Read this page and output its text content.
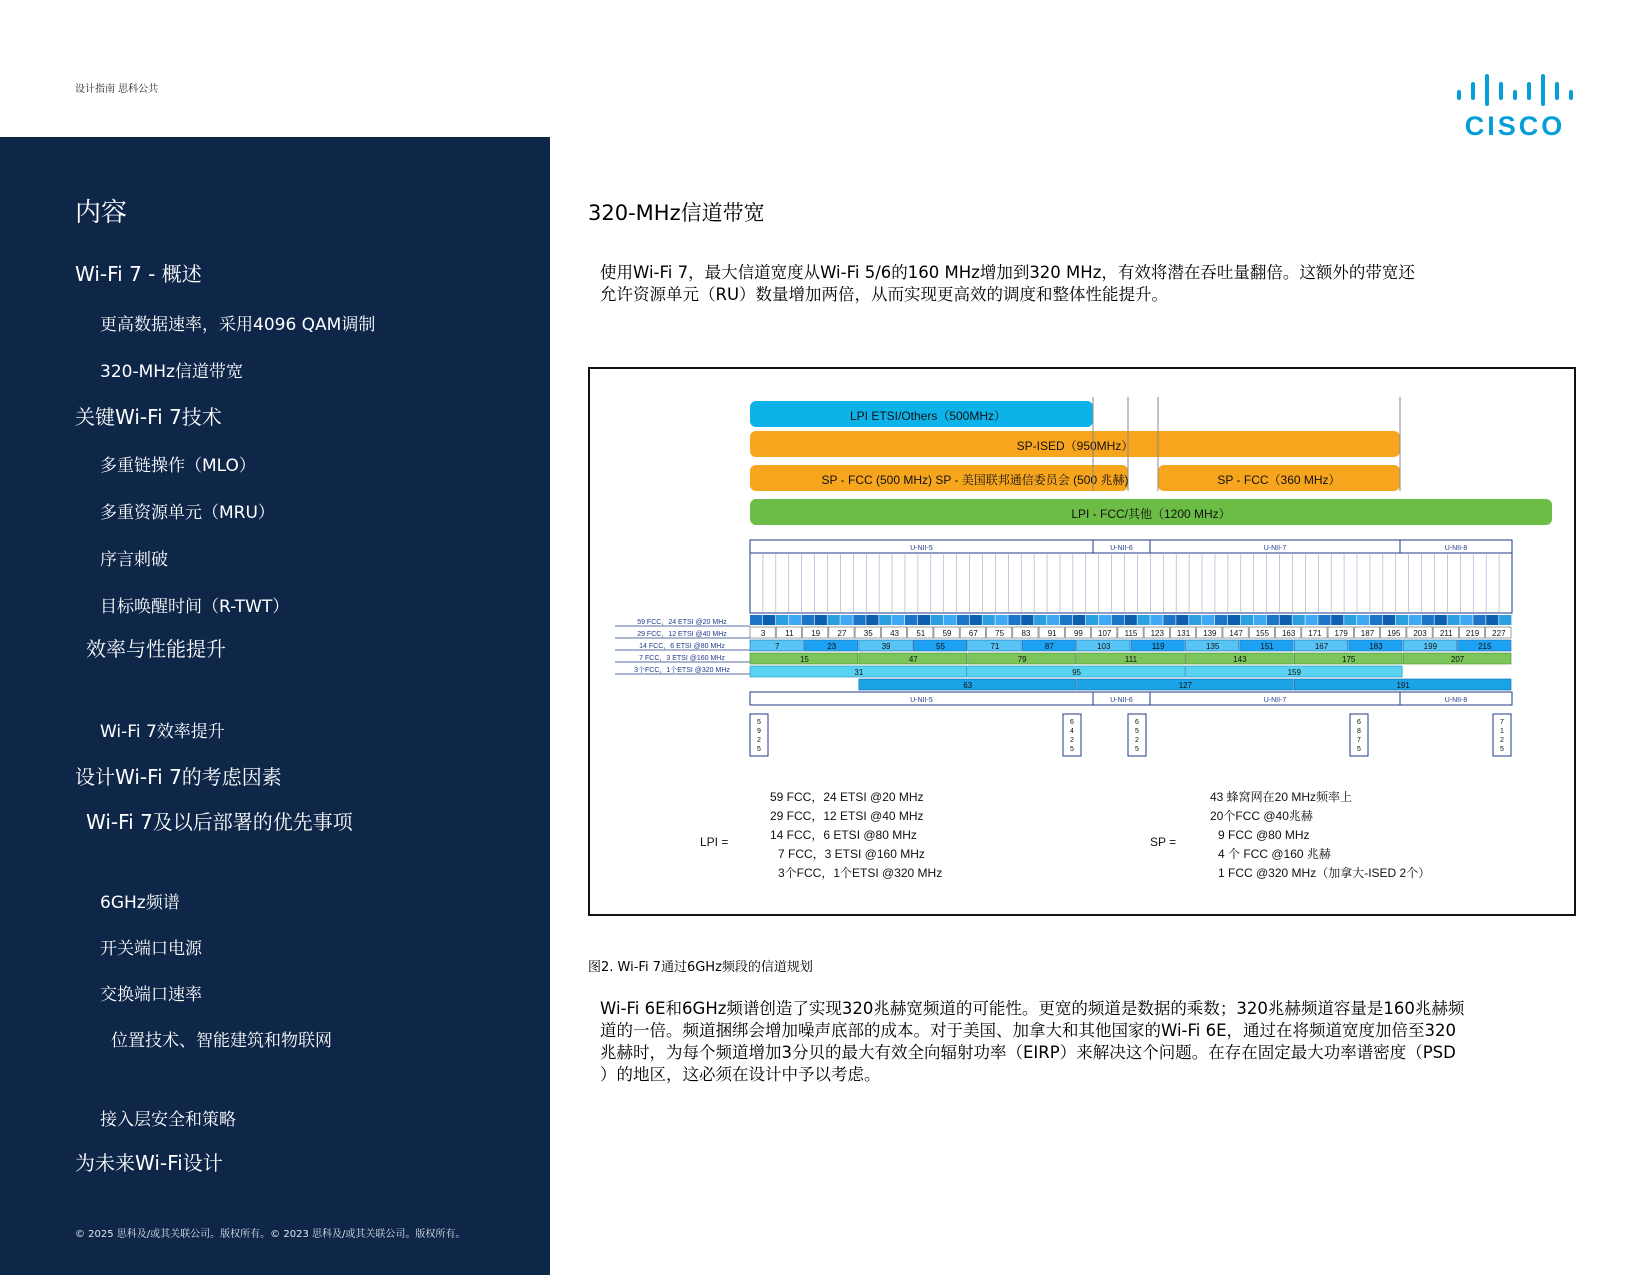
设计指南 思科公共
CISCO
内容
Wi-Fi 7 - 概述
更高数据速率，采用4096 QAM调制
320-MHz信道带宽
关键Wi-Fi 7技术
多重链操作（MLO）
多重资源单元（MRU）
序言刺破
目标唤醒时间（R-TWT）
效率与性能提升
Wi-Fi 7效率提升
设计Wi-Fi 7的考虑因素
Wi-Fi 7及以后部署的优先事项
6GHz频谱
开关端口电源
交换端口速率
位置技术、智能建筑和物联网
接入层安全和策略
为未来Wi-Fi设计
© 2025 思科及/或其关联公司。版权所有。© 2023 思科及/或其关联公司。版权所有。
320-MHz信道带宽
使用Wi-Fi 7，最大信道宽度从Wi-Fi 5/6的160 MHz增加到320 MHz，有效将潜在吞吐量翻倍。这额外的带宽还
允许资源单元（RU）数量增加两倍，从而实现更高效的调度和整体性能提升。
LPI ETSI/Others（500MHz）
SP-ISED（950MHz）
SP - FCC (500 MHz) SP - 美国联邦通信委员会 (500 兆赫)	SP - FCC（360 MHz）
LPI - FCC/其他（1200 MHz）
U-NII-5	U-NII-6	U-NII-7	U-NII-8
3 11 19 27 35 43 51 59 67 75 83 91 99 107 115 123 131 139 147 155 163 171 179 187 195 203 211 219 227
7	23	39	55	71	87	103	119	135	151	167	183	199	215
15	47	79	111	143	175	207
31	95	159
63	127	191
59 FCC，24 ETSI @20 MHz
29 FCC，12 ETSI @40 MHz
14 FCC，6 ETSI @80 MHz
7 FCC，3 ETSI @160 MHz
3个FCC，1个ETSI @320 MHz
U-NII-5	U-NII-6	U-NII-7	U-NII-8
5
9
2
5
6
4
2
5
6
5
2
5
6
8
7
5
7
1
2
5
LPI =
59 FCC，24 ETSI @20 MHz
29 FCC，12 ETSI @40 MHz
14 FCC，6 ETSI @80 MHz
7 FCC，3 ETSI @160 MHz
3个FCC，1个ETSI @320 MHz
SP =
43 蜂窝网在20 MHz频率上
20个FCC @40兆赫
9 FCC @80 MHz
4 个 FCC @160 兆赫
1 FCC @320 MHz（加拿大-ISED 2个）
图2. Wi-Fi 7通过6GHz频段的信道规划
Wi-Fi 6E和6GHz频谱创造了实现320兆赫宽频道的可能性。更宽的频道是数据的乘数；320兆赫频道容量是160兆赫频
道的一倍。频道捆绑会增加噪声底部的成本。对于美国、加拿大和其他国家的Wi-Fi 6E，通过在将频道宽度加倍至320
兆赫时，为每个频道增加3分贝的最大有效全向辐射功率（EIRP）来解决这个问题。在存在固定最大功率谱密度（PSD
）的地区，这必须在设计中予以考虑。
